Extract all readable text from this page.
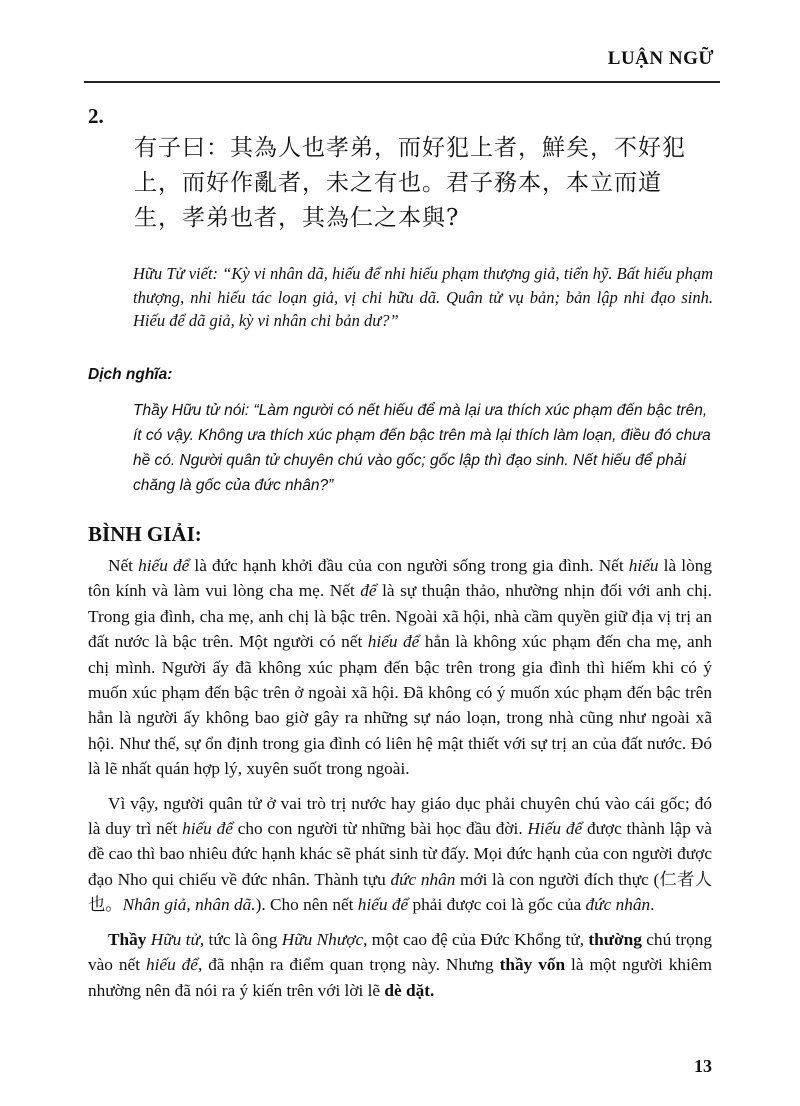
LUẬN NGỮ
2.
有子曰：其為人也孝弟，而好犯上者，鮮矣，不好犯上，而好作亂者，未之有也。君子務本，本立而道生，孝弟也者，其為仁之本與?
Hữu Tử viết: “Kỳ vi nhân dã, hiếu để nhi hiếu phạm thượng giả, tiển hỹ. Bất hiếu phạm thượng, nhi hiếu tác loạn giả, vị chi hữu dã. Quân tử vụ bản; bản lập nhi đạo sinh. Hiếu để dã giả, kỳ vi nhân chi bản dư?”
Dịch nghĩa:
Thầy Hữu tử nói: “Làm người có nết hiếu để mà lại ưa thích xúc phạm đến bậc trên, ít có vậy. Không ưa thích xúc phạm đến bậc trên mà lại thích làm loạn, điều đó chưa hề có. Người quân tử chuyên chú vào gốc; gốc lập thì đạo sinh. Nết hiếu để phải chăng là gốc của đức nhân?”
BÌNH GIẢI:

Nết hiếu để là đức hạnh khởi đầu của con người sống trong gia đình. Nết hiếu là lòng tôn kính và làm vui lòng cha mẹ. Nết để là sự thuận thảo, nhường nhịn đối với anh chị. Trong gia đình, cha mẹ, anh chị là bậc trên. Ngoài xã hội, nhà cầm quyền giữ địa vị trị an đất nước là bậc trên. Một người có nết hiếu để hẳn là không xúc phạm đến cha mẹ, anh chị mình. Người ấy đã không xúc phạm đến bậc trên trong gia đình thì hiếm khi có ý muốn xúc phạm đến bậc trên ở ngoài xã hội. Đã không có ý muốn xúc phạm đến bậc trên hẳn là người ấy không bao giờ gây ra những sự náo loạn, trong nhà cũng như ngoài xã hội. Như thế, sự ổn định trong gia đình có liên hệ mật thiết với sự trị an của đất nước. Đó là lẽ nhất quán hợp lý, xuyên suốt trong ngoài.

Vì vậy, người quân tử ở vai trò trị nước hay giáo dục phải chuyên chú vào cái gốc; đó là duy trì nết hiếu để cho con người từ những bài học đầu đời. Hiếu để được thành lập và đề cao thì bao nhiêu đức hạnh khác sẽ phát sinh từ đấy. Mọi đức hạnh của con người được đạo Nho qui chiếu về đức nhân. Thành tựu đức nhân mới là con người đích thực (仁者人也。Nhân giả, nhân dã.). Cho nên nết hiếu để phải được coi là gốc của đức nhân.

Thầy Hữu tử, tức là ông Hữu Nhược, một cao đệ của Đức Khổng tử, thường chú trọng vào nết hiếu để, đã nhận ra điểm quan trọng này. Nhưng thầy vốn là một người khiêm nhường nên đã nói ra ý kiến trên với lời lẽ dè dặt.

13
